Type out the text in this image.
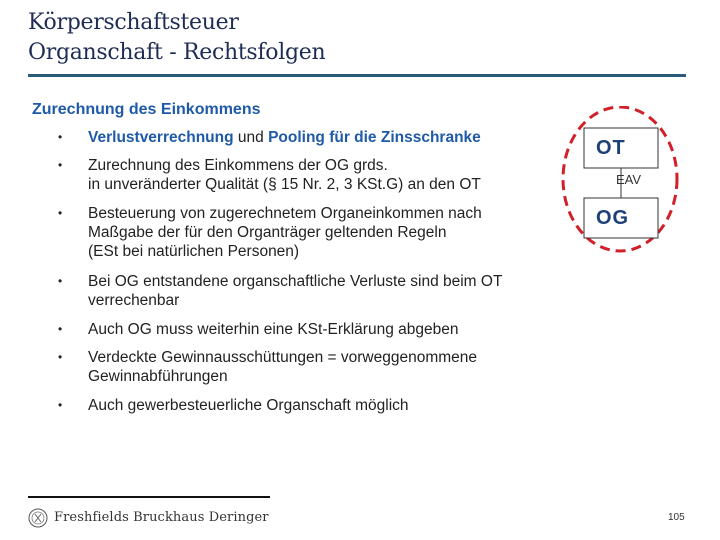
Körperschaftsteuer
Organschaft - Rechtsfolgen
Zurechnung des Einkommens
• Verlustverrechnung und Pooling für die Zinsschranke
• Zurechnung des Einkommens der OG grds.
in unveränderter Qualität (§ 15 Nr. 2, 3 KSt.G) an den OT
• Besteuerung von zugerechnetem Organeinkommen nach
Maßgabe der für den Organträger geltenden Regeln
(ESt bei natürlichen Personen)
• Bei OG entstandene organschaftliche Verluste sind beim OT
verrechenbar
• Auch OG muss weiterhin eine KSt-Erklärung abgeben
• Verdeckte Gewinnausschüttungen = vorweggenommene
Gewinnabführungen
• Auch gewerbesteuerliche Organschaft möglich
OT
EAV
OG
Freshfields Bruckhaus Deringer	105
